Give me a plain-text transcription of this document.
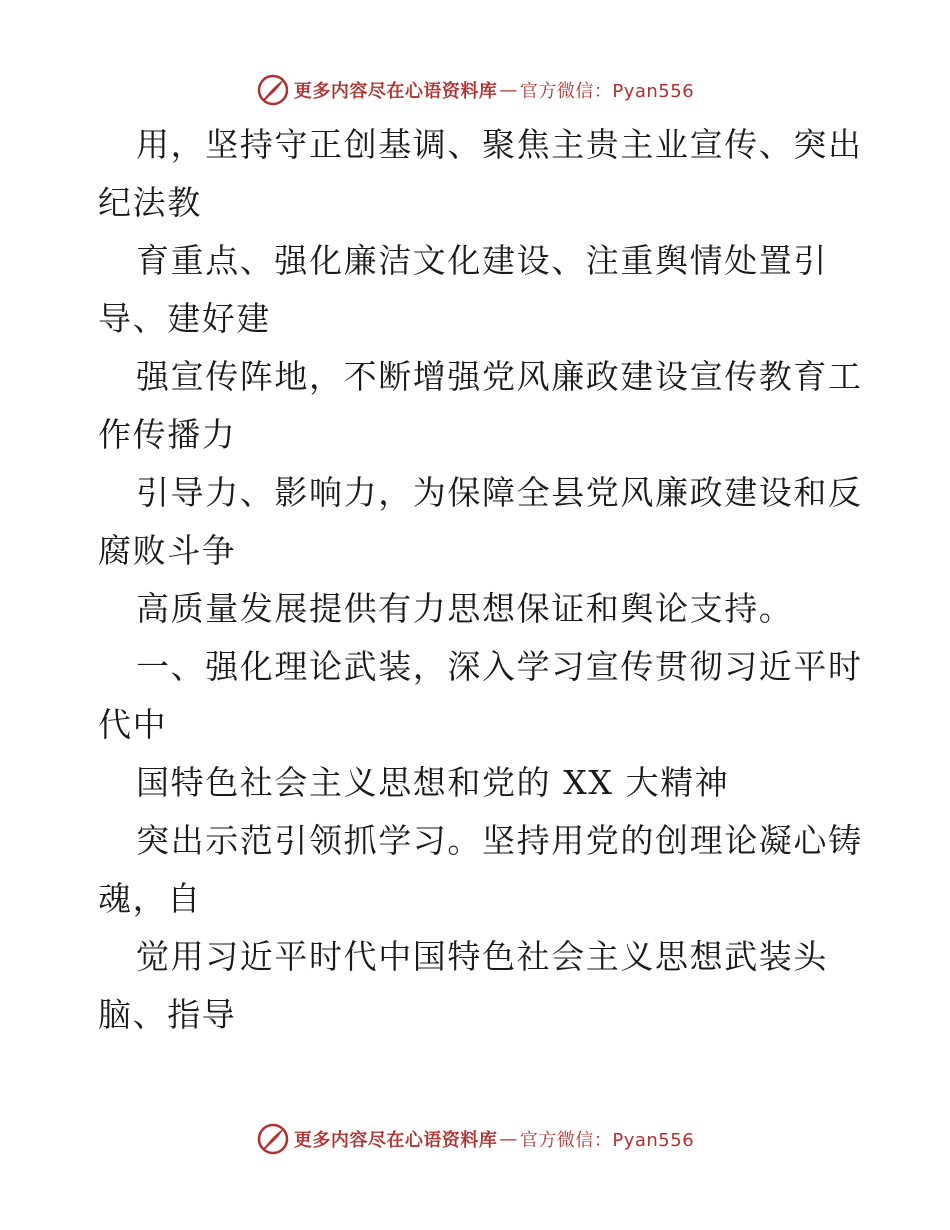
更多内容尽在心语资料库 — 官方微信：Pyan556
用，坚持守正创基调、聚焦主贵主业宣传、突出
纪法教
育重点、强化廉洁文化建设、注重舆情处置引
导、建好建
强宣传阵地，不断增强党风廉政建设宣传教育工
作传播力
引导力、影响力，为保障全县党风廉政建设和反
腐败斗争
高质量发展提供有力思想保证和舆论支持。
一、强化理论武装，深入学习宣传贯彻习近平时
代中
国特色社会主义思想和党的 XX 大精神
突出示范引领抓学习。坚持用党的创理论凝心铸
魂，自
觉用习近平时代中国特色社会主义思想武装头
脑、指导
更多内容尽在心语资料库 — 官方微信：Pyan556
